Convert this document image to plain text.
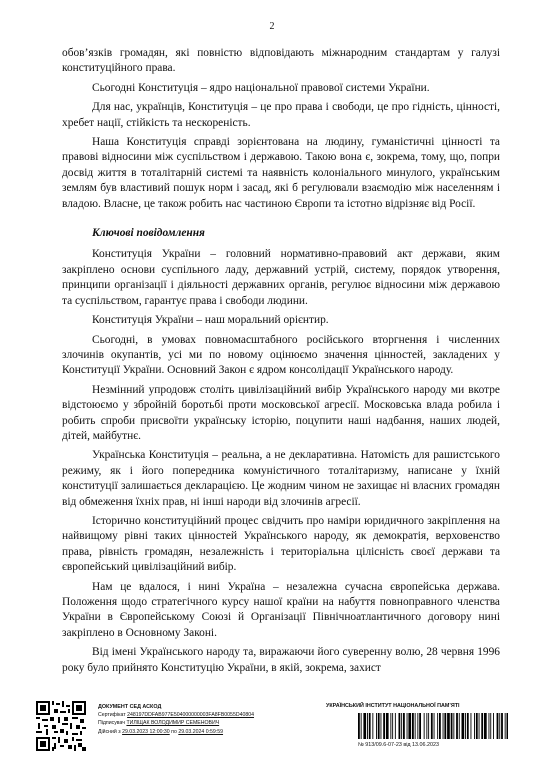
2

обов’язків громадян, які повністю відповідають міжнародним стандартам у галузі конституційного права.

Сьогодні Конституція – ядро національної правової системи України.

Для нас, українців, Конституція – це про права і свободи, це про гідність, цінності, хребет нації, стійкість та нескореність.

Наша Конституція справді зорієнтована на людину, гуманістичні цінності та правові відносини між суспільством і державою. Такою вона є, зокрема, тому, що, попри досвід життя в тоталітарній системі та наявність колоніального минулого, українським землям був властивий пошук норм і засад, які б регулювали взаємодію між населенням і владою. Власне, це також робить нас частиною Європи та істотно відрізняє від Росії.

Ключові повідомлення

Конституція України – головний нормативно-правовий акт держави, яким закріплено основи суспільного ладу, державний устрій, систему, порядок утворення, принципи організації і діяльності державних органів, регулює відносини між державою та суспільством, гарантує права і свободи людини.

Конституція України – наш моральний орієнтир.

Сьогодні, в умовах повномасштабного російського вторгнення і численних злочинів окупантів, усі ми по новому оцінюємо значення цінностей, закладених у Конституції України. Основний Закон є ядром консолідації Українського народу.

Незмінний упродовж століть цивілізаційний вибір Українського народу ми вкотре відстоюємо у збройній боротьбі проти московської агресії. Московська влада робила і робить спроби присвоїти українську історію, поцупити наші надбання, наших людей, дітей, майбутнє.

Українська Конституція – реальна, а не декларативна. Натомість для рашистського режиму, як і його попередника комуністичного тоталітаризму, написане у їхній конституції залишається декларацією. Це жодним чином не захищає ні власних громадян від обмеження їхніх прав, ні інші народи від злочинів агресії.

Історично конституційний процес свідчить про наміри юридичного закріплення на найвищому рівні таких цінностей Українського народу, як демократія, верховенство права, рівність громадян, незалежність і територіальна цілісність своєї держави та європейський цивілізаційний вибір.

Нам це вдалося, і нині Україна – незалежна сучасна європейська держава. Положення щодо стратегічного курсу нашої країни на набуття повноправного членства України в Європейському Союзі й Організації Північноатлантичного договору нині закріплено в Основному Законі.

Від імені Українського народу та, виражаючи його суверенну волю, 28 червня 1996 року було прийнято Конституцію України, в якій, зокрема, захист

ДОКУМЕНТ СЕД АСКОД
Сертифікат 248197DDFAB977E504000000003FA8FB0055D40804
Підписувач ТИЛІЩАК ВОЛОДИМИР СЕМЕНОВИЧ
Дійсний з 29.03.2023 12:00:30 по 29.03.2024 0:59:59
УКРАЇНСЬКИЙ ІНСТИТУТ НАЦІОНАЛЬНОЇ ПАМ’ЯТІ
№ 913/09.6-07-23 від 13.06.2023
